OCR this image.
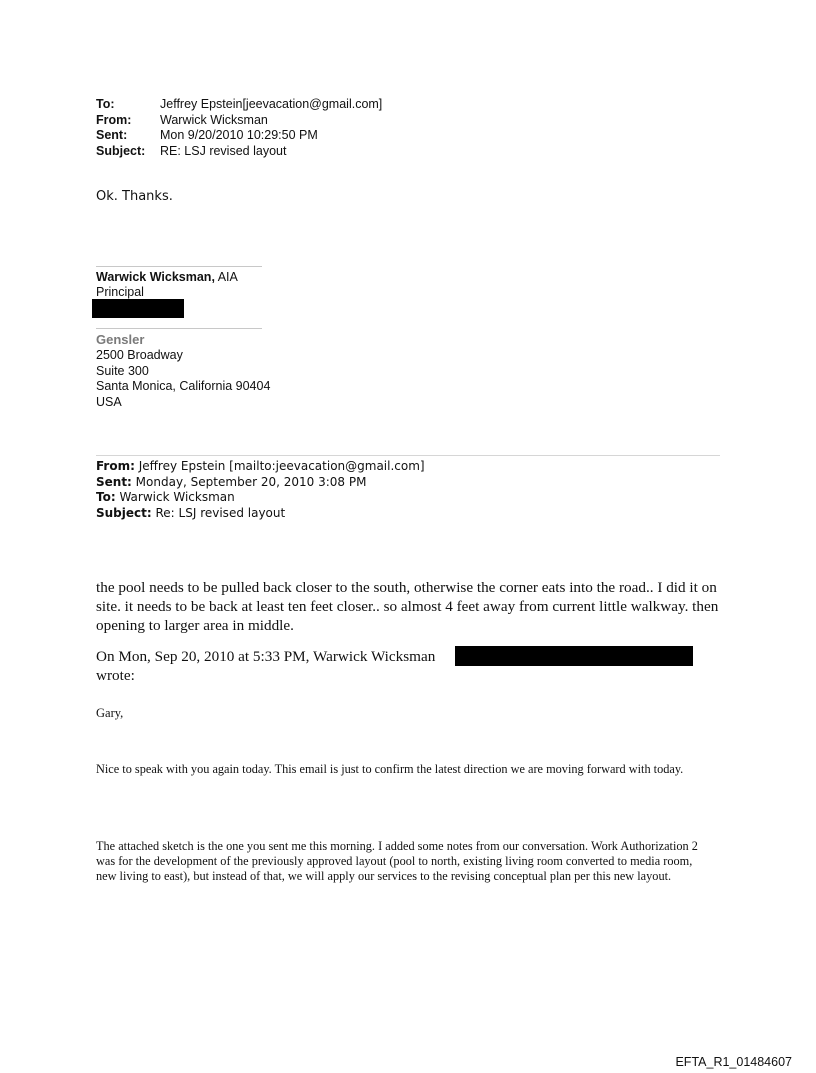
To:	Jeffrey Epstein[jeevacation@gmail.com]
From:	Warwick Wicksman
Sent:	Mon 9/20/2010 10:29:50 PM
Subject:	RE: LSJ revised layout
Ok. Thanks.
Warwick Wicksman, AIA
Principal
Gensler
2500 Broadway
Suite 300
Santa Monica, California 90404
USA
From: Jeffrey Epstein [mailto:jeevacation@gmail.com]
Sent: Monday, September 20, 2010 3:08 PM
To: Warwick Wicksman
Subject: Re: LSJ revised layout
the pool needs to be pulled back closer to the south, otherwise the corner eats into the road.. I did it on site. it needs to be back at least ten feet closer.. so almost 4 feet away from current little walkway. then opening to larger area in middle.
On Mon, Sep 20, 2010 at 5:33 PM, Warwick Wicksman
wrote:
Gary,
Nice to speak with you again today. This email is just to confirm the latest direction we are moving forward with today.
The attached sketch is the one you sent me this morning. I added some notes from our conversation. Work Authorization 2 was for the development of the previously approved layout (pool to north, existing living room converted to media room, new living to east), but instead of that, we will apply our services to the revising conceptual plan per this new layout.
EFTA_R1_01484607
